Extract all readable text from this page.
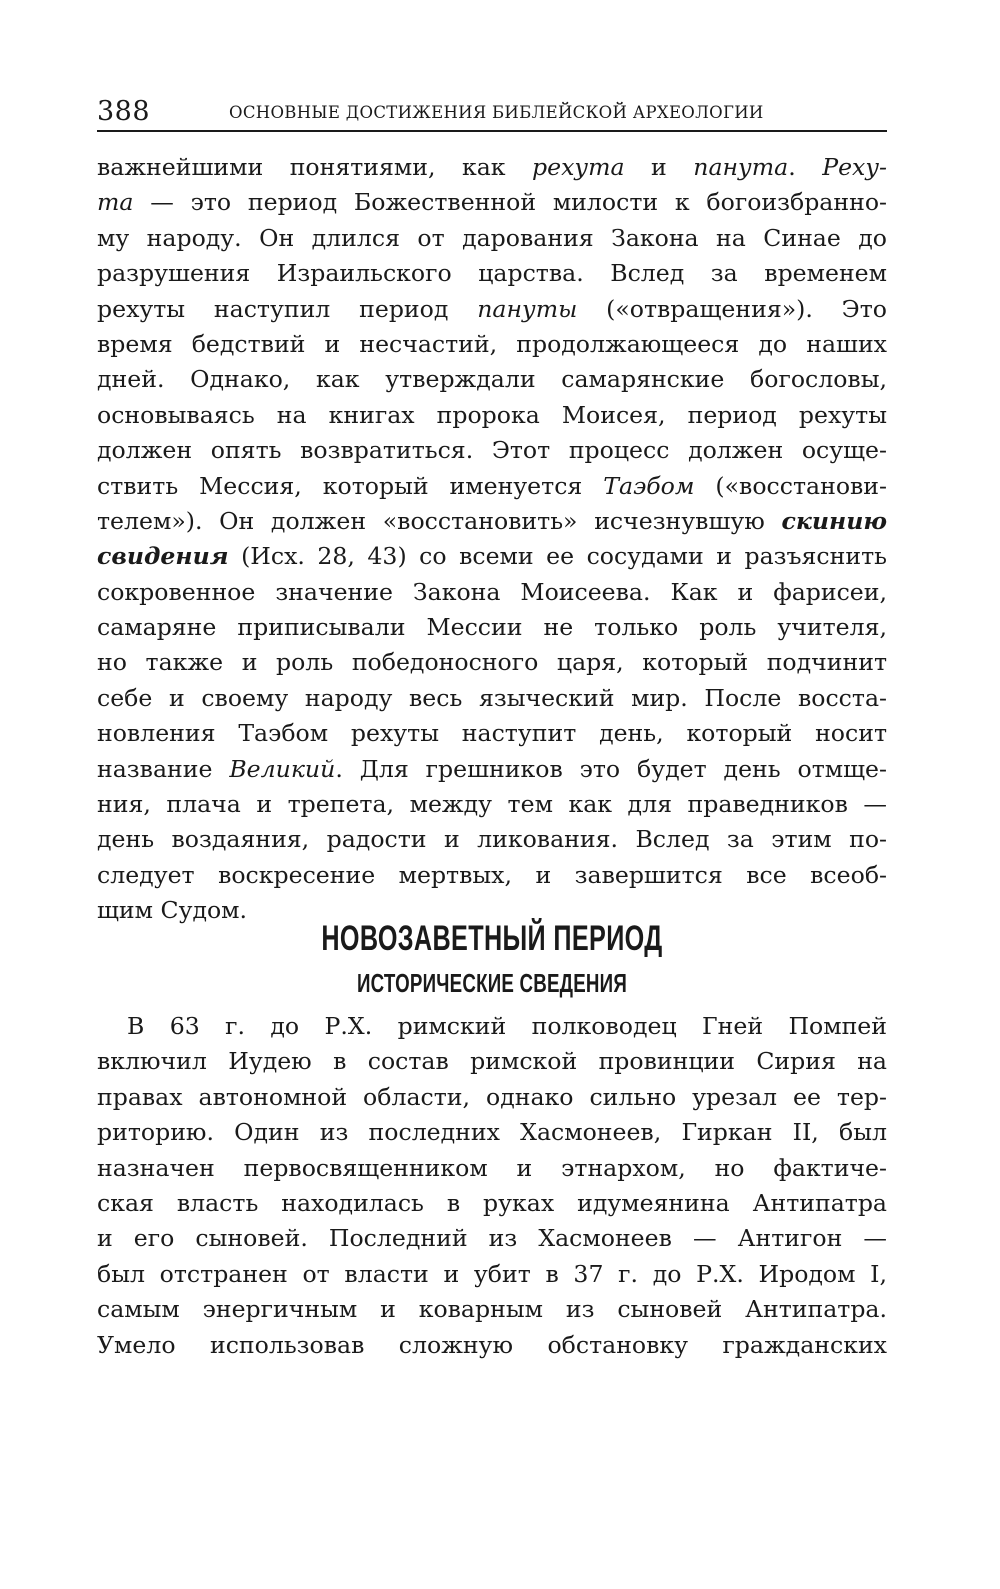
388	ОСНОВНЫЕ ДОСТИЖЕНИЯ БИБЛЕЙСКОЙ АРХЕОЛОГИИ
важнейшими понятиями, как рехута и панута. Реху-
та — это период Божественной милости к богоизбранно-
му народу. Он длился от дарования Закона на Синае до
разрушения Израильского царства. Вслед за временем
рехуты наступил период пануты («отвращения»). Это
время бедствий и несчастий, продолжающееся до наших
дней. Однако, как утверждали самарянские богословы,
основываясь на книгах пророка Моисея, период рехуты
должен опять возвратиться. Этот процесс должен осуще-
ствить Мессия, который именуется Таэбом («восстанови-
телем»). Он должен «восстановить» исчезнувшую скинию
свидения (Исх. 28, 43) со всеми ее сосудами и разъяснить
сокровенное значение Закона Моисеева. Как и фарисеи,
самаряне приписывали Мессии не только роль учителя,
но также и роль победоносного царя, который подчинит
себе и своему народу весь языческий мир. После восста-
новления Таэбом рехуты наступит день, который носит
название Великий. Для грешников это будет день отмще-
ния, плача и трепета, между тем как для праведников —
день воздаяния, радости и ликования. Вслед за этим по-
следует воскресение мертвых, и завершится все всеоб-
щим Судом.
НОВОЗАВЕТНЫЙ ПЕРИОД
ИСТОРИЧЕСКИЕ СВЕДЕНИЯ
В 63 г. до Р.Х. римский полководец Гней Помпей
включил Иудею в состав римской провинции Сирия на
правах автономной области, однако сильно урезал ее тер-
риторию. Один из последних Хасмонеев, Гиркан II, был
назначен первосвященником и этнархом, но фактиче-
ская власть находилась в руках идумеянина Антипатра
и его сыновей. Последний из Хасмонеев — Антигон —
был отстранен от власти и убит в 37 г. до Р.Х. Иродом I,
самым энергичным и коварным из сыновей Антипатра.
Умело использовав сложную обстановку гражданских
